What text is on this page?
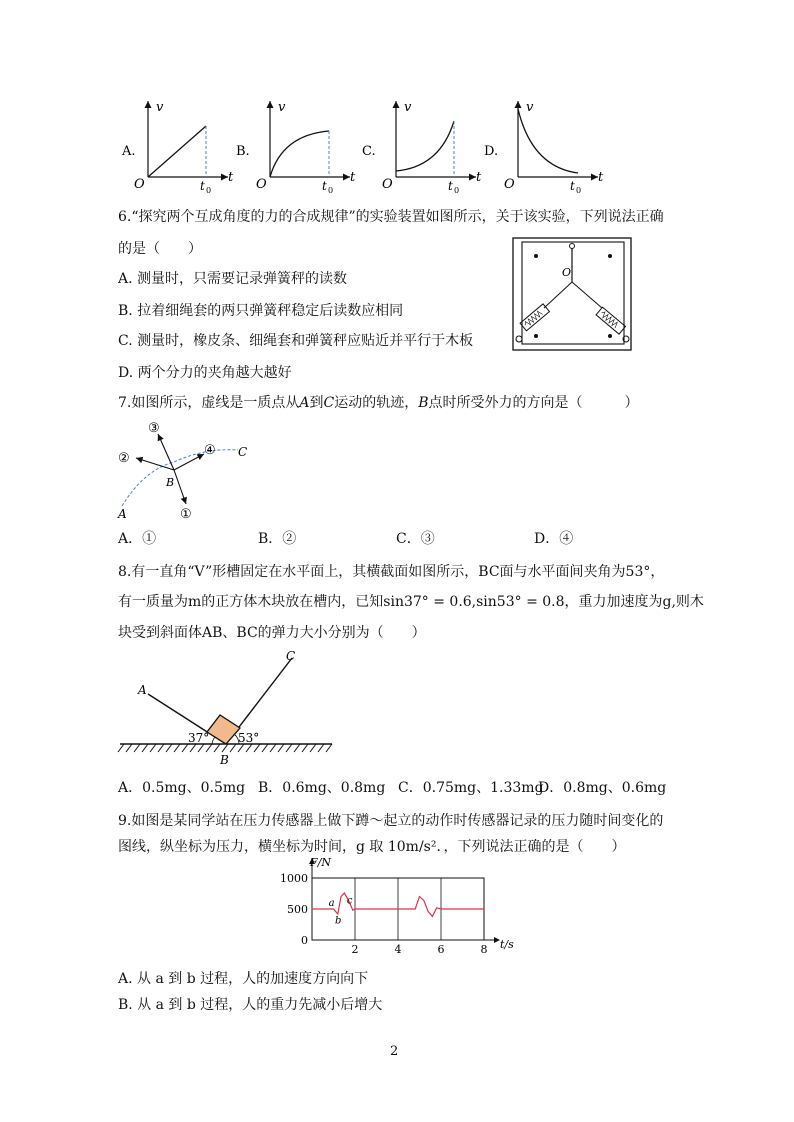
A.
v
t
O	t 0
B.
v
t
O	t 0
C.
v
t
O	t 0
D.
v
t
O	t 0
6.“探究两个互成角度的力的合成规律”的实验装置如图所示，关于该实验，下列说法正确
的是（　　）
A. 测量时，只需要记录弹簧秤的读数
B. 拉着细绳套的两只弹簧秤稳定后读数应相同
C. 测量时，橡皮条、细绳套和弹簧秤应贴近并平行于木板
D. 两个分力的夹角越大越好
O
7.如图所示，虚线是一质点从A到C运动的轨迹，B点时所受外力的方向是（　　　）
③
②
④
①
B
A
C
A．①	B．②	C．③	D．④
8.有一直角“V”形槽固定在水平面上，其横截面如图所示，BC面与水平面间夹角为53°，
有一质量为m的正方体木块放在槽内，已知sin37° = 0.6,sin53° = 0.8，重力加速度为g,则木
块受到斜面体AB、BC的弹力大小分别为（　　）
37° 53°
A
B
C
A．0.5mg、0.5mg B．0.6mg、0.8mg C．0.75mg、1.33mg
D．0.8mg、0.6mg
9.如图是某同学站在压力传感器上做下蹲～起立的动作时传感器记录的压力随时间变化的
图线，纵坐标为压力，横坐标为时间，g 取 10m/s²．，下列说法正确的是（　　）
a
b
c
0
500
1000
2	4	6	8
F/N
t/s
A. 从 a 到 b 过程，人的加速度方向向下
B. 从 a 到 b 过程，人的重力先减小后增大
2
